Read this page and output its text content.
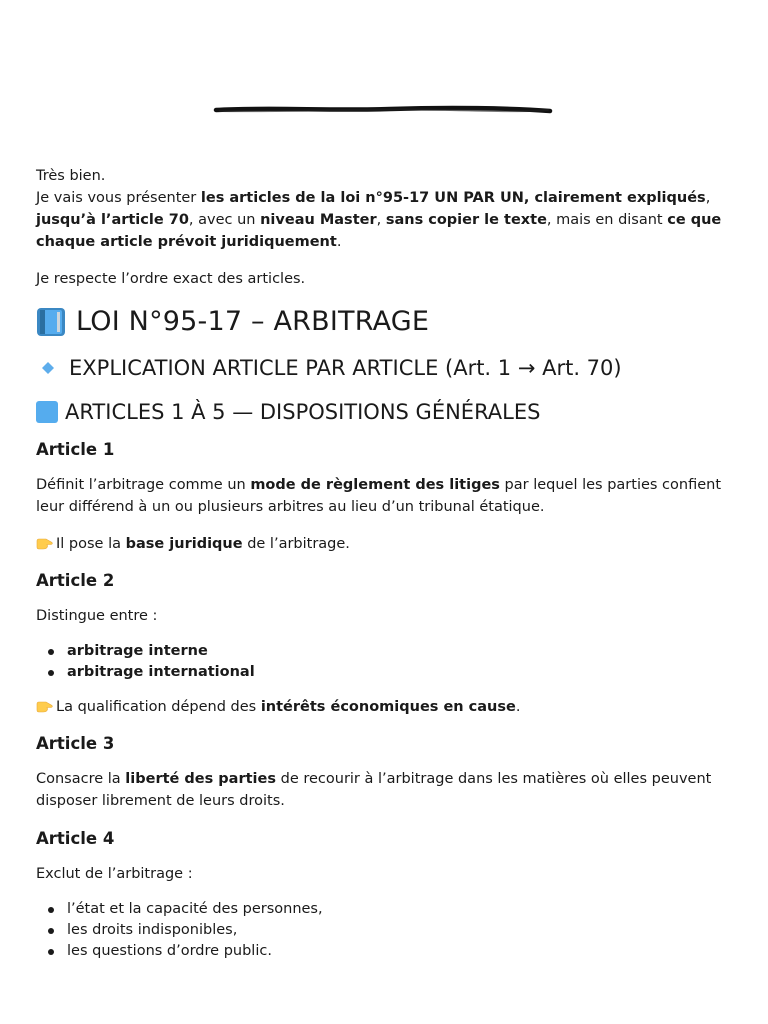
Très bien.
Je vais vous présenter les articles de la loi n°95-17 UN PAR UN, clairement expliqués, jusqu’à l’article 70, avec un niveau Master, sans copier le texte, mais en disant ce que chaque article prévoit juridiquement.

Je respecte l’ordre exact des articles.

LOI N°95-17 – ARBITRAGE
EXPLICATION ARTICLE PAR ARTICLE (Art. 1 → Art. 70)
ARTICLES 1 À 5 — DISPOSITIONS GÉNÉRALES
Article 1

Définit l’arbitrage comme un mode de règlement des litiges par lequel les parties confient leur différend à un ou plusieurs arbitres au lieu d’un tribunal étatique.

Il pose la base juridique de l’arbitrage.

Article 2

Distingue entre :

arbitrage interne
arbitrage international

La qualification dépend des intérêts économiques en cause.

Article 3

Consacre la liberté des parties de recourir à l’arbitrage dans les matières où elles peuvent disposer librement de leurs droits.

Article 4

Exclut de l’arbitrage :

l’état et la capacité des personnes,
les droits indisponibles,
les questions d’ordre public.
